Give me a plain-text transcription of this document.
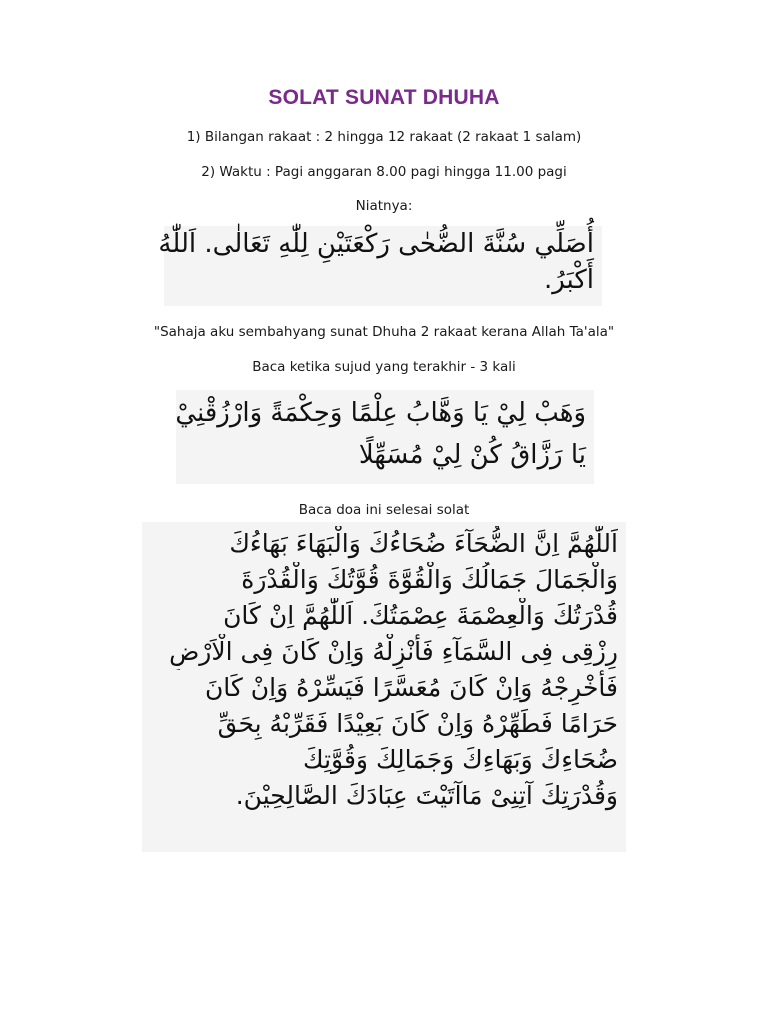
SOLAT SUNAT DHUHA
1) Bilangan rakaat : 2 hingga 12 rakaat (2 rakaat 1 salam)
2) Waktu : Pagi anggaran 8.00 pagi hingga 11.00 pagi
Niatnya:

أُصَلِّي سُنَّةَ الضُّحٰى رَكْعَتَيْنِ لِلّٰهِ تَعَالٰى. اَللّٰهُ

أَكْبَرُ.

"Sahaja aku sembahyang sunat Dhuha 2 rakaat kerana Allah Ta'ala"
Baca ketika sujud yang terakhir - 3 kali

وَهَبْ لِيْ يَا وَهَّابُ عِلْمًا وَحِكْمَةً وَارْزُقْنِيْ

يَا رَزَّاقُ كُنْ لِيْ مُسَهِّلًا

Baca doa ini selesai solat

اَللّٰهُمَّ اِنَّ الضُّحَآءَ ضُحَاءُكَ وَالْبَهَاءَ بَهَاءُكَ

وَالْجَمَالَ جَمَالُكَ وَالْقُوَّةَ قُوَّتُكَ وَالْقُدْرَةَ

قُدْرَتُكَ وَالْعِصْمَةَ عِصْمَتُكَ. اَللّٰهُمَّ اِنْ كَانَ

رِزْقِى فِى السَّمَآءِ فَأَنْزِلْهُ وَاِنْ كَانَ فِى الْاَرْضِ

فَأَخْرِجْهُ وَاِنْ كَانَ مُعَسَّرًا فَيَسِّرْهُ وَاِنْ كَانَ

حَرَامًا فَطَهِّرْهُ وَاِنْ كَانَ بَعِيْدًا فَقَرِّبْهُ بِحَقِّ

ضُحَاءِكَ وَبَهَاءِكَ وَجَمَالِكَ وَقُوَّتِكَ

وَقُدْرَتِكَ آتِنِىْ مَاآتَيْتَ عِبَادَكَ الصَّالِحِيْنَ.
